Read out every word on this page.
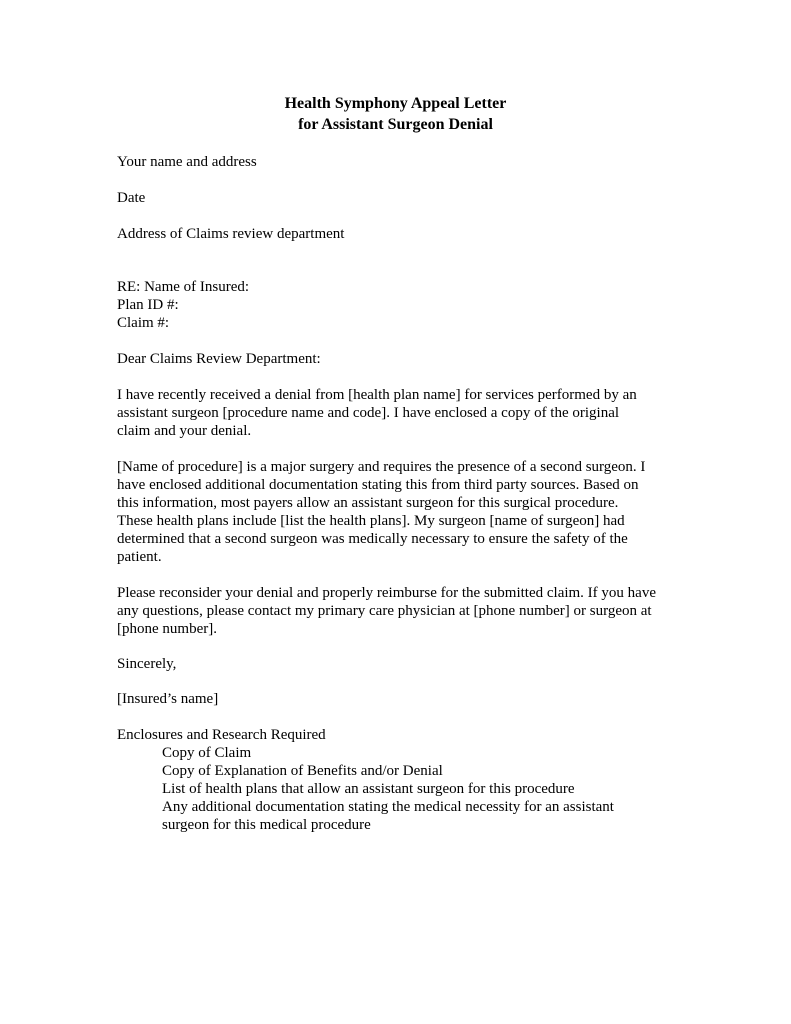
Health Symphony Appeal Letter
for Assistant Surgeon Denial
Your name and address
Date
Address of Claims review department
RE: Name of Insured:
Plan ID #:
Claim #:
Dear Claims Review Department:
I have recently received a denial from [health plan name] for services performed by an
assistant surgeon [procedure name and code]. I have enclosed a copy of the original
claim and your denial.
[Name of procedure] is a major surgery and requires the presence of a second surgeon. I
have enclosed additional documentation stating this from third party sources. Based on
this information, most payers allow an assistant surgeon for this surgical procedure.
These health plans include [list the health plans]. My surgeon [name of surgeon] had
determined that a second surgeon was medically necessary to ensure the safety of the
patient.
Please reconsider your denial and properly reimburse for the submitted claim. If you have
any questions, please contact my primary care physician at [phone number] or surgeon at
[phone number].
Sincerely,
[Insured’s name]
Enclosures and Research Required
Copy of Claim
Copy of Explanation of Benefits and/or Denial
List of health plans that allow an assistant surgeon for this procedure
Any additional documentation stating the medical necessity for an assistant
surgeon for this medical procedure
